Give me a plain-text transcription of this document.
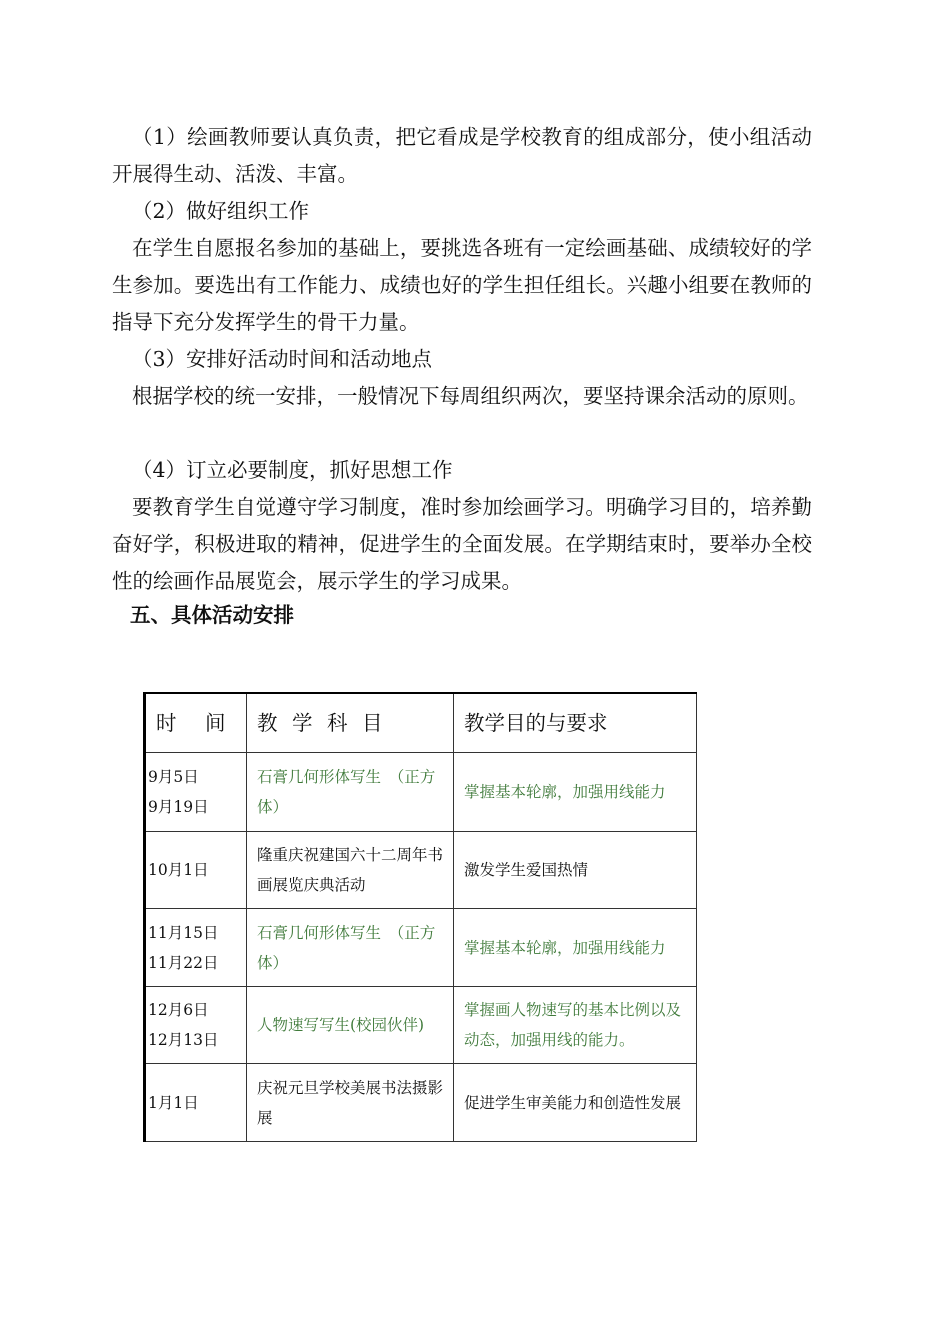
（1）绘画教师要认真负责，把它看成是学校教育的组成部分，使小组活动开展得生动、活泼、丰富。

（2）做好组织工作

在学生自愿报名参加的基础上，要挑选各班有一定绘画基础、成绩较好的学生参加。要选出有工作能力、成绩也好的学生担任组长。兴趣小组要在教师的指导下充分发挥学生的骨干力量。

（3）安排好活动时间和活动地点

根据学校的统一安排，一般情况下每周组织两次，要坚持课余活动的原则。

（4）订立必要制度，抓好思想工作

要教育学生自觉遵守学习制度，准时参加绘画学习。明确学习目的，培养勤奋好学，积极进取的精神，促进学生的全面发展。在学期结束时，要举办全校性的绘画作品展览会，展示学生的学习成果。

五、具体活动安排

时　间	教 学 科 目	教学目的与要求

9月5日
9月19日	石膏几何形体写生　（正方体）	掌握基本轮廓，加强用线能力

10月1日	隆重庆祝建国六十二周年书画展览庆典活动	激发学生爱国热情

11月15日
11月22日	石膏几何形体写生　（正方体）	掌握基本轮廓，加强用线能力

12月6日
12月13日	人物速写写生(校园伙伴)	掌握画人物速写的基本比例以及动态，加强用线的能力。

1月1日	庆祝元旦学校美展书法摄影展	促进学生审美能力和创造性发展
